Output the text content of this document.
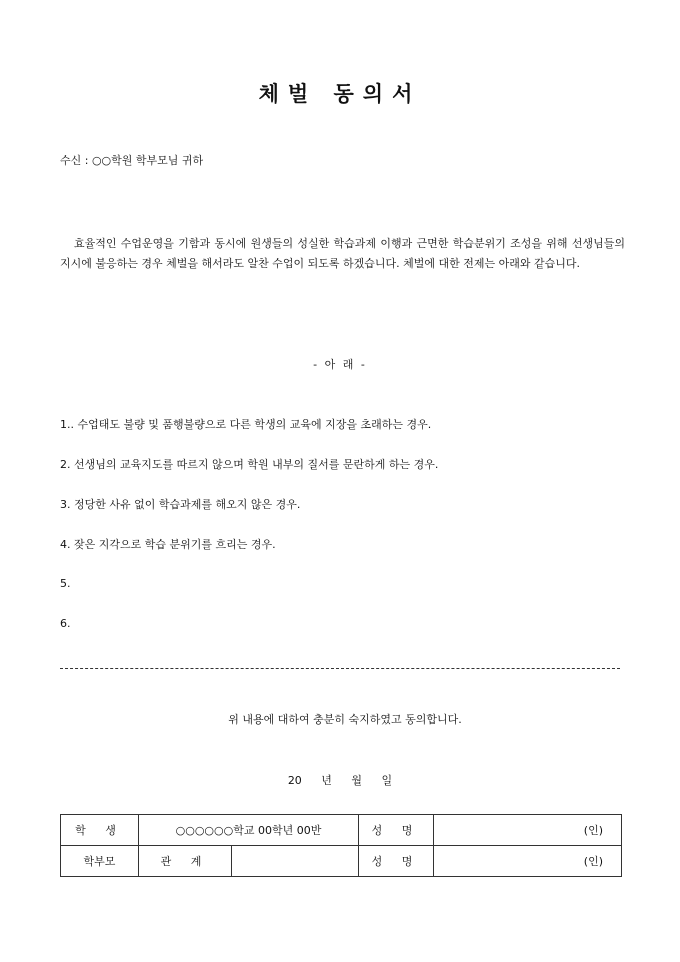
체벌 동의서
수신 : ○○학원 학부모님 귀하
효율적인 수업운영을 기함과 동시에 원생들의 성실한 학습과제 이행과 근면한 학습분위기 조성을 위해 선생님들의 지시에 불응하는 경우 체벌을 해서라도 알찬 수업이 되도록 하겠습니다. 체벌에 대한 전제는 아래와 같습니다.
- 아 래 -
1.. 수업태도 불량 및 품행불량으로 다른 학생의 교육에 지장을 초래하는 경우.
2. 선생님의 교육지도를 따르지 않으며 학원 내부의 질서를 문란하게 하는 경우.
3. 정당한 사유 없이 학습과제를 해오지 않은 경우.
4. 잦은 지각으로 학습 분위기를 흐리는 경우.
5.
6.
위 내용에 대하여 충분히 숙지하였고 동의합니다.
20 년 월 일
학 생	○○○○○○학교 00학년 00반		성 명	(인)
학부모	관 계		성 명	(인)
